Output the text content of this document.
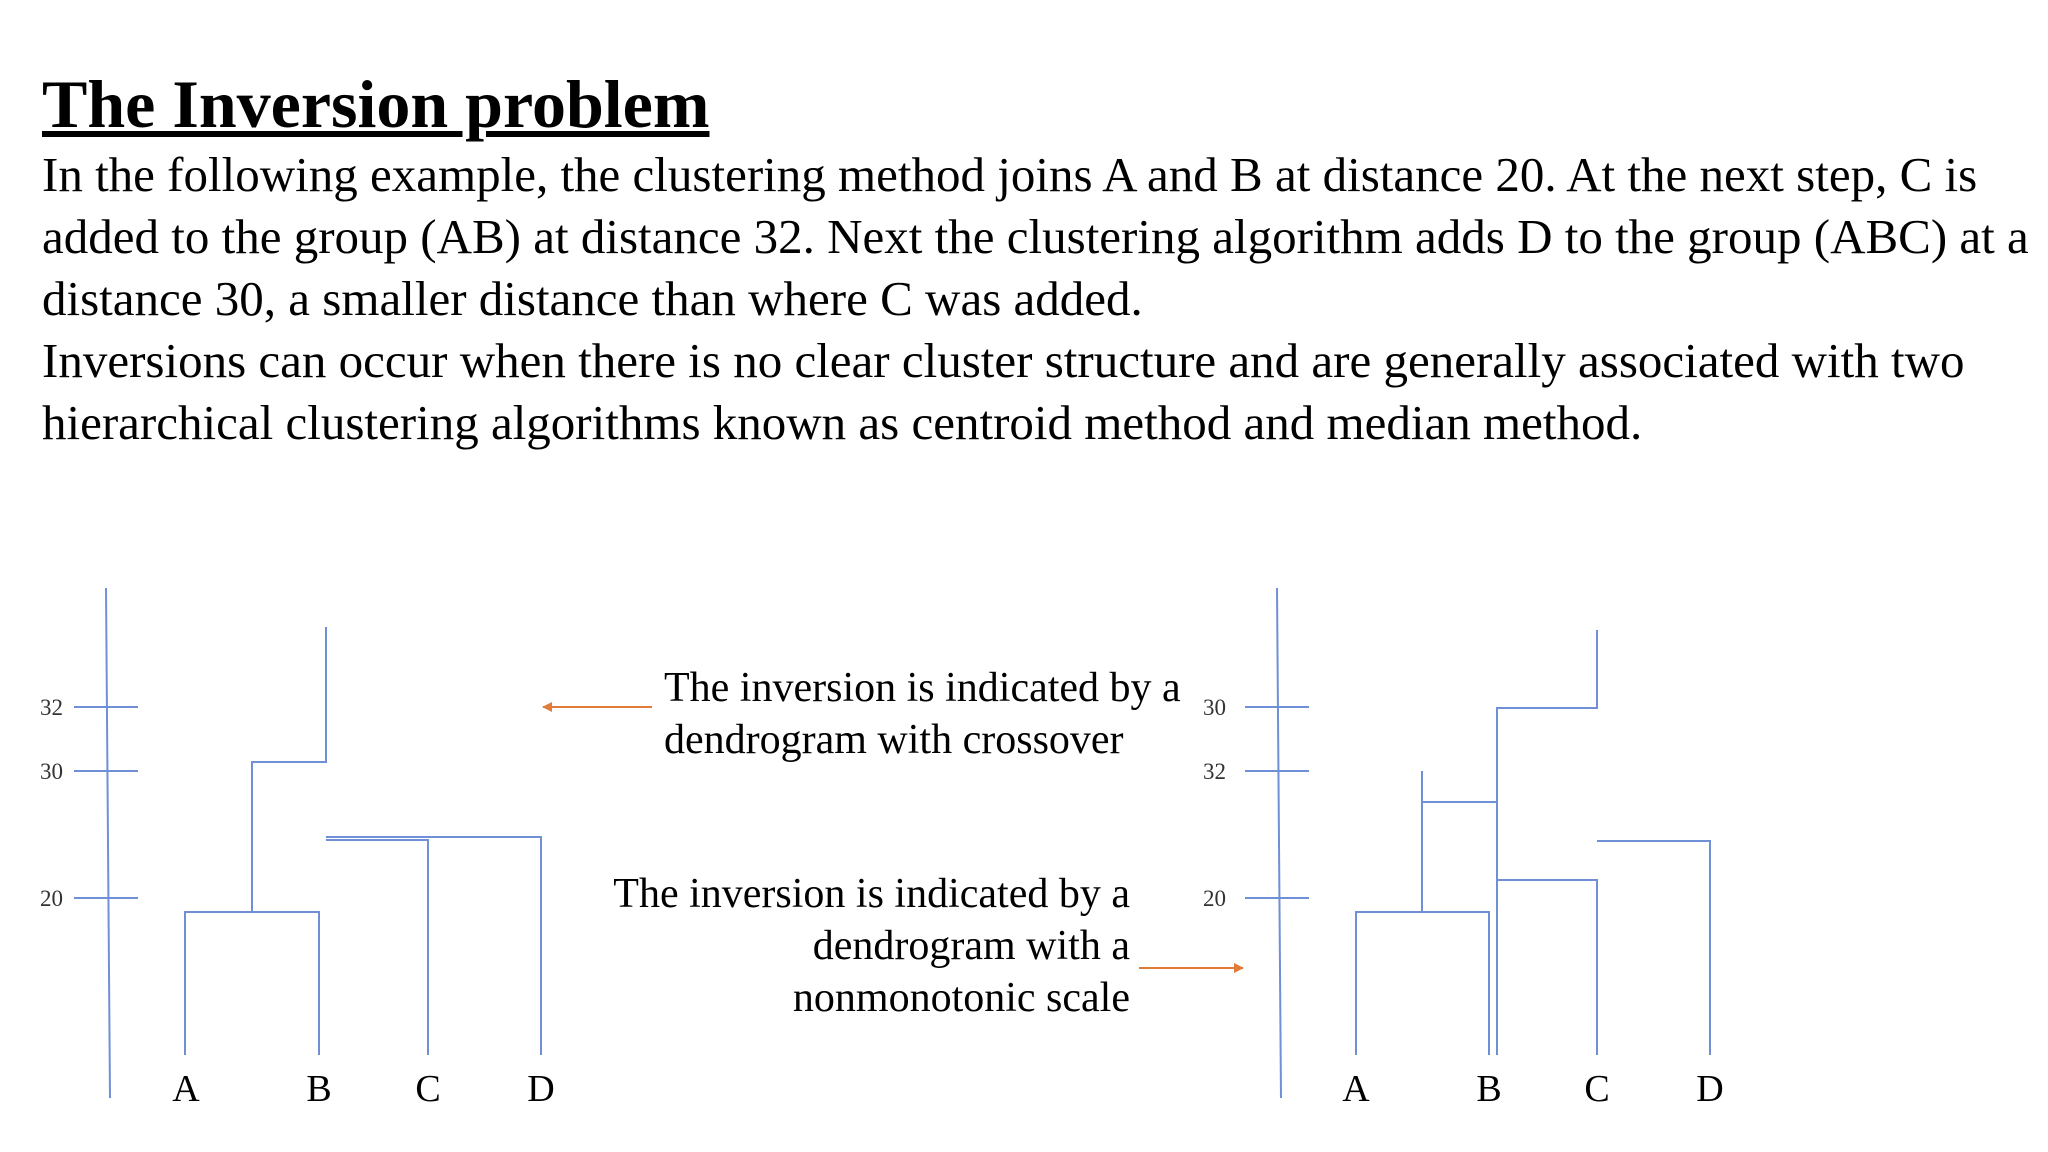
The Inversion problem

In the following example, the clustering method joins A and B at distance 20. At the next step, C is added to the group (AB) at distance 32. Next the clustering algorithm adds D to the group (ABC) at a distance 30, a smaller distance than where C was added.

Inversions can occur when there is no clear cluster structure and are generally associated with two hierarchical clustering algorithms known as centroid method and median method.

32
30
20
A	B C D
30
32
20
A	B C D

The inversion is indicated by a dendrogram with crossover

The inversion is indicated by a dendrogram with a nonmonotonic scale
